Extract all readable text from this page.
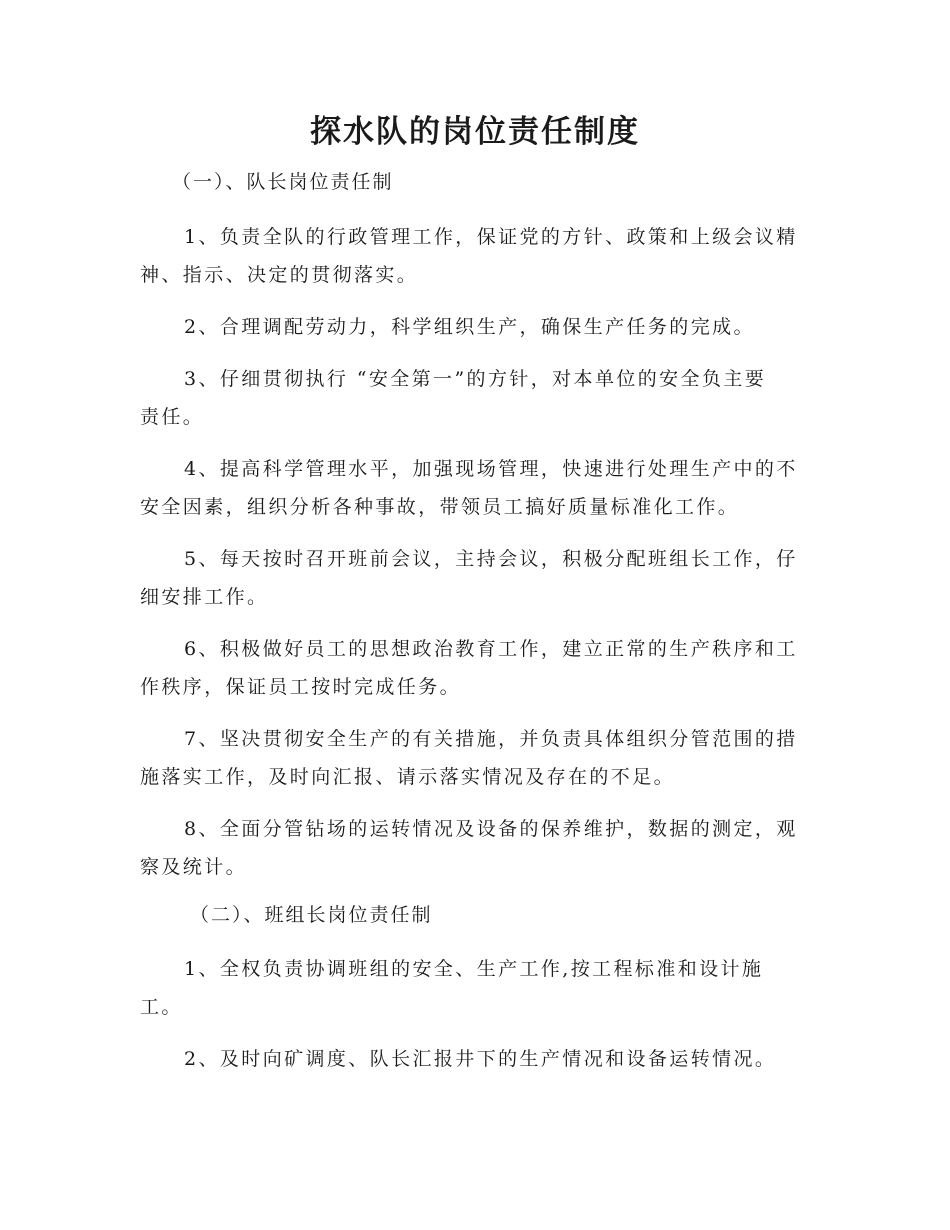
探水队的岗位责任制度

（一）、队长岗位责任制

1、负责全队的行政管理工作，保证党的方针、政策和上级会议精
神、指示、决定的贯彻落实。

2、合理调配劳动力，科学组织生产，确保生产任务的完成。

3、仔细贯彻执行 “安全第一”的方针，对本单位的安全负主要
责任。

4、提高科学管理水平，加强现场管理，快速进行处理生产中的不
安全因素，组织分析各种事故，带领员工搞好质量标准化工作。

5、每天按时召开班前会议，主持会议，积极分配班组长工作，仔
细安排工作。

6、积极做好员工的思想政治教育工作，建立正常的生产秩序和工
作秩序，保证员工按时完成任务。

7、坚决贯彻安全生产的有关措施，并负责具体组织分管范围的措
施落实工作，及时向汇报、请示落实情况及存在的不足。

8、全面分管钻场的运转情况及设备的保养维护，数据的测定，观
察及统计。

（二）、班组长岗位责任制

1、全权负责协调班组的安全、生产工作,按工程标准和设计施
工。

2、及时向矿调度、队长汇报井下的生产情况和设备运转情况。
